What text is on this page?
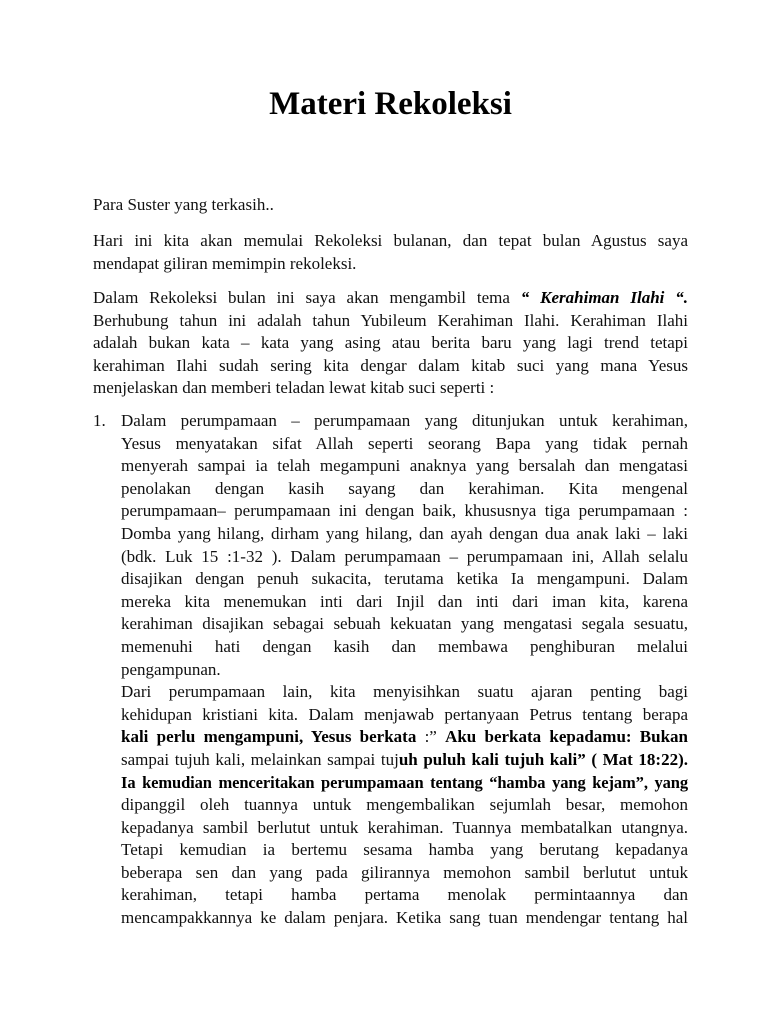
Materi Rekoleksi
Para Suster yang terkasih..
Hari ini kita akan memulai Rekoleksi bulanan, dan tepat bulan Agustus saya
mendapat giliran memimpin rekoleksi.
Dalam Rekoleksi bulan ini saya akan mengambil tema “ Kerahiman Ilahi “.
Berhubung tahun ini adalah tahun Yubileum Kerahiman Ilahi. Kerahiman Ilahi
adalah bukan kata – kata yang asing atau berita baru yang lagi trend tetapi
kerahiman Ilahi sudah sering kita dengar dalam kitab suci yang mana Yesus
menjelaskan dan memberi teladan lewat kitab suci seperti :
1. Dalam perumpamaan – perumpamaan yang ditunjukan untuk kerahiman,
Yesus menyatakan sifat Allah seperti seorang Bapa yang tidak pernah
menyerah sampai ia telah megampuni anaknya yang bersalah dan mengatasi
penolakan dengan kasih sayang dan kerahiman. Kita mengenal
perumpamaan– perumpamaan ini dengan baik, khususnya tiga perumpamaan :
Domba yang hilang, dirham yang hilang, dan ayah dengan dua anak laki – laki
(bdk. Luk 15 :1-32 ). Dalam perumpamaan – perumpamaan ini, Allah selalu
disajikan dengan penuh sukacita, terutama ketika Ia mengampuni. Dalam
mereka kita menemukan inti dari Injil dan inti dari iman kita, karena
kerahiman disajikan sebagai sebuah kekuatan yang mengatasi segala sesuatu,
memenuhi hati dengan kasih dan membawa penghiburan melalui
pengampunan.
Dari perumpamaan lain, kita menyisihkan suatu ajaran penting bagi
kehidupan kristiani kita. Dalam menjawab pertanyaan Petrus tentang berapa
kali perlu mengampuni, Yesus berkata :” Aku berkata kepadamu: Bukan
sampai tujuh kali, melainkan sampai tujuh puluh kali tujuh kali” ( Mat 18:22).
Ia kemudian menceritakan perumpamaan tentang “hamba yang kejam”, yang
dipanggil oleh tuannya untuk mengembalikan sejumlah besar, memohon
kepadanya sambil berlutut untuk kerahiman. Tuannya membatalkan utangnya.
Tetapi kemudian ia bertemu sesama hamba yang berutang kepadanya
beberapa sen dan yang pada gilirannya memohon sambil berlutut untuk
kerahiman, tetapi hamba pertama menolak permintaannya dan
mencampakkannya ke dalam penjara. Ketika sang tuan mendengar tentang hal
